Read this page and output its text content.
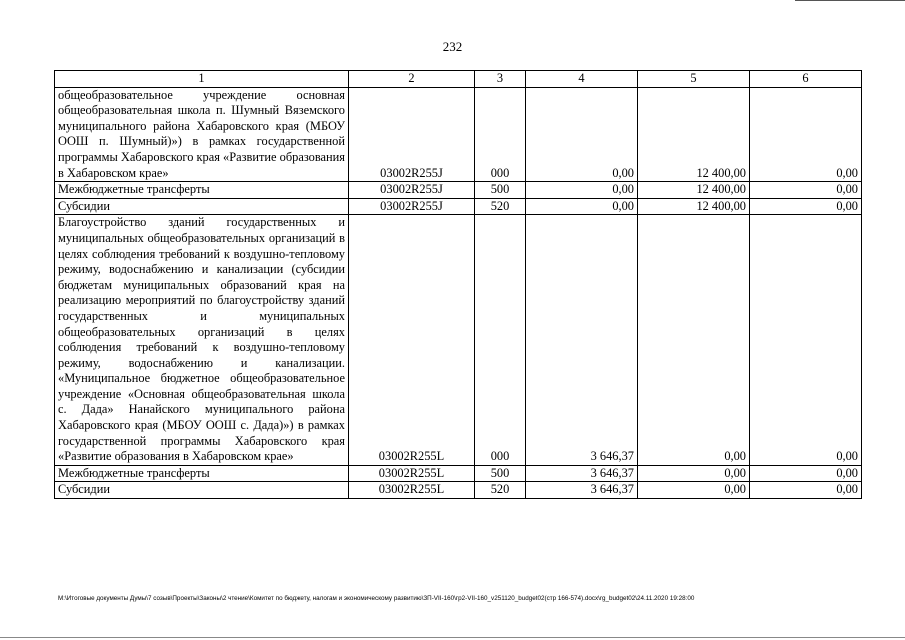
232
1	2	3	4	5	6
общеобразовательное учреждение основная общеобразовательная школа п. Шумный Вяземского муниципального района Хабаровского края (МБОУ ООШ п. Шумный)») в рамках государственной программы Хабаровского края «Развитие образования в Хабаровском крае»	03002R255J	000	0,00	12 400,00	0,00
Межбюджетные трансферты	03002R255J	500	0,00	12 400,00	0,00
Субсидии	03002R255J	520	0,00	12 400,00	0,00
Благоустройство зданий государственных и муниципальных общеобразовательных организаций в целях соблюдения требований к воздушно-тепловому режиму, водоснабжению и канализации (субсидии бюджетам муниципальных образований края на реализацию мероприятий по благоустройству зданий государственных и муниципальных общеобразовательных организаций в целях соблюдения требований к воздушно-тепловому режиму, водоснабжению и канализации. «Муниципальное бюджетное общеобразовательное учреждение «Основная общеобразовательная школа с. Дада» Нанайского муниципального района Хабаровского края (МБОУ ООШ с. Дада)») в рамках государственной программы Хабаровского края «Развитие образования в Хабаровском крае»	03002R255L	000	3 646,37	0,00	0,00
Межбюджетные трансферты	03002R255L	500	3 646,37	0,00	0,00
Субсидии	03002R255L	520	3 646,37	0,00	0,00
M:\Итоговые документы Думы\7 созыв\Проекты\Законы\2 чтение\Комитет по бюджету, налогам и экономическому развитию\ЗП-VII-160\гр2-VII-160_v251120_budget02(стр 166-574).docx\rg_budget02\24.11.2020 19:28:00
